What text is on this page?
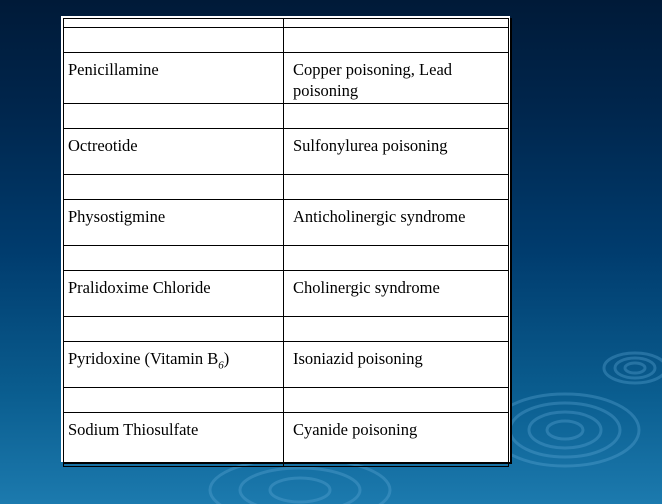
Penicillamine	Copper poisoning, Lead poisoning

Octreotide	Sulfonylurea poisoning

Physostigmine	Anticholinergic syndrome

Pralidoxime Chloride	Cholinergic syndrome

Pyridoxine (Vitamin $B_6$)	Isoniazid poisoning

Sodium Thiosulfate	Cyanide poisoning
